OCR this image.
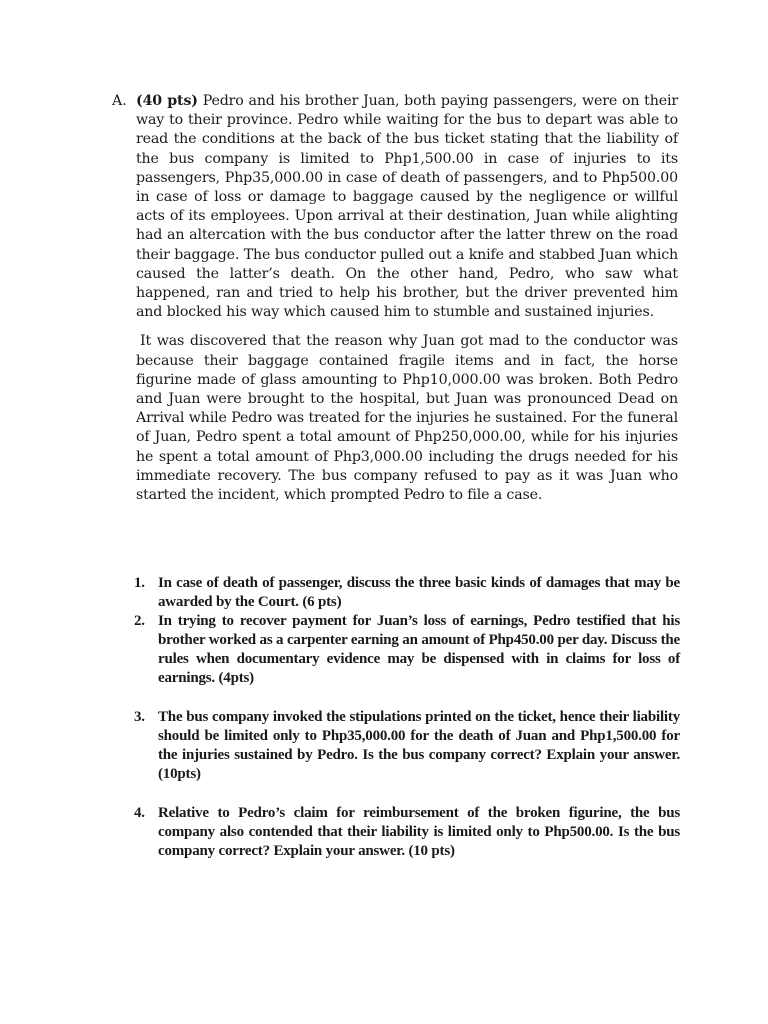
A. (40 pts) Pedro and his brother Juan, both paying passengers, were on their way to their province. Pedro while waiting for the bus to depart was able to read the conditions at the back of the bus ticket stating that the liability of the bus company is limited to Php1,500.00 in case of injuries to its passengers, Php35,000.00 in case of death of passengers, and to Php500.00 in case of loss or damage to baggage caused by the negligence or willful acts of its employees. Upon arrival at their destination, Juan while alighting had an altercation with the bus conductor after the latter threw on the road their baggage. The bus conductor pulled out a knife and stabbed Juan which caused the latter’s death. On the other hand, Pedro, who saw what happened, ran and tried to help his brother, but the driver prevented him and blocked his way which caused him to stumble and sustained injuries.

It was discovered that the reason why Juan got mad to the conductor was because their baggage contained fragile items and in fact, the horse figurine made of glass amounting to Php10,000.00 was broken. Both Pedro and Juan were brought to the hospital, but Juan was pronounced Dead on Arrival while Pedro was treated for the injuries he sustained. For the funeral of Juan, Pedro spent a total amount of Php250,000.00, while for his injuries he spent a total amount of Php3,000.00 including the drugs needed for his immediate recovery. The bus company refused to pay as it was Juan who started the incident, which prompted Pedro to file a case.

1. In case of death of passenger, discuss the three basic kinds of damages that may be awarded by the Court. (6 pts)
2. In trying to recover payment for Juan’s loss of earnings, Pedro testified that his brother worked as a carpenter earning an amount of Php450.00 per day. Discuss the rules when documentary evidence may be dispensed with in claims for loss of earnings. (4pts)
3. The bus company invoked the stipulations printed on the ticket, hence their liability should be limited only to Php35,000.00 for the death of Juan and Php1,500.00 for the injuries sustained by Pedro. Is the bus company correct? Explain your answer. (10pts)
4. Relative to Pedro’s claim for reimbursement of the broken figurine, the bus company also contended that their liability is limited only to Php500.00. Is the bus company correct? Explain your answer. (10 pts)
